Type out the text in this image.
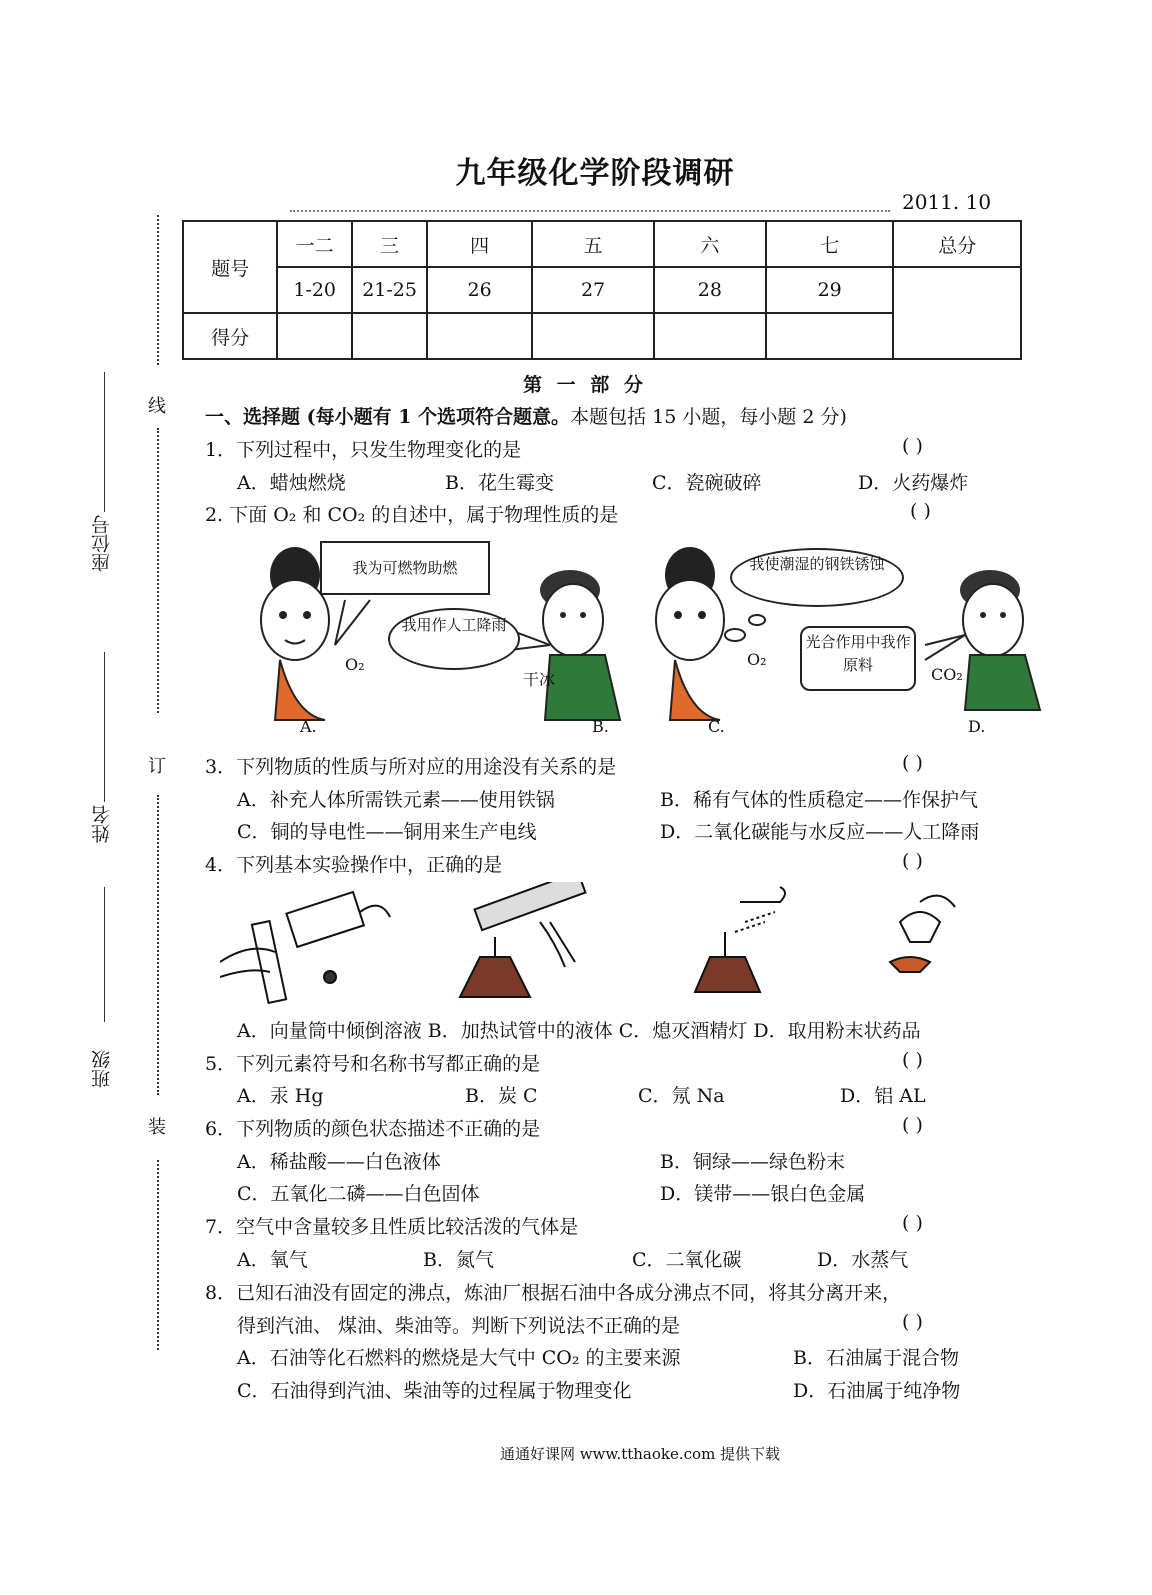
九年级化学阶段调研
2011. 10
线
订
装
座位号
姓名
班级
题号	一二	三	四	五	六	七	总分
	1-20	21-25	26	27	28	29	
得分							
第 一 部 分
一、选择题 (每小题有 1 个选项符合题意。本题包括 15 小题，每小题 2 分)
1．下列过程中，只发生物理变化的是	( )
A．蜡烛燃烧	B．花生霉变	C．瓷碗破碎	D．火药爆炸
2. 下面 O₂ 和 CO₂ 的自述中，属于物理性质的是	( )
我为可燃物助燃
我用作人工降雨
我使潮湿的钢铁锈蚀
光合作用中我作原料
O₂
干冰
O₂
CO₂
A.	B.	C.	D.
3．下列物质的性质与所对应的用途没有关系的是	( )
A．补充人体所需铁元素——使用铁锅	B．稀有气体的性质稳定——作保护气
C．铜的导电性——铜用来生产电线	D．二氧化碳能与水反应——人工降雨
4．下列基本实验操作中，正确的是	( )
A．向量筒中倾倒溶液 B．加热试管中的液体 C．熄灭酒精灯 D．取用粉末状药品
5．下列元素符号和名称书写都正确的是	( )
A．汞 Hg	B．炭 C	C．氖 Na	D．铝 AL
6．下列物质的颜色状态描述不正确的是	( )
A．稀盐酸——白色液体	B．铜绿——绿色粉末
C．五氧化二磷——白色固体	D．镁带——银白色金属
7．空气中含量较多且性质比较活泼的气体是	( )
A．氧气	B．氮气	C．二氧化碳	D．水蒸气
8．已知石油没有固定的沸点，炼油厂根据石油中各成分沸点不同，将其分离开来，
得到汽油、 煤油、柴油等。判断下列说法不正确的是	( )
A．石油等化石燃料的燃烧是大气中 CO₂ 的主要来源	B．石油属于混合物
C．石油得到汽油、柴油等的过程属于物理变化	D．石油属于纯净物
通通好课网 www.tthaoke.com 提供下载
